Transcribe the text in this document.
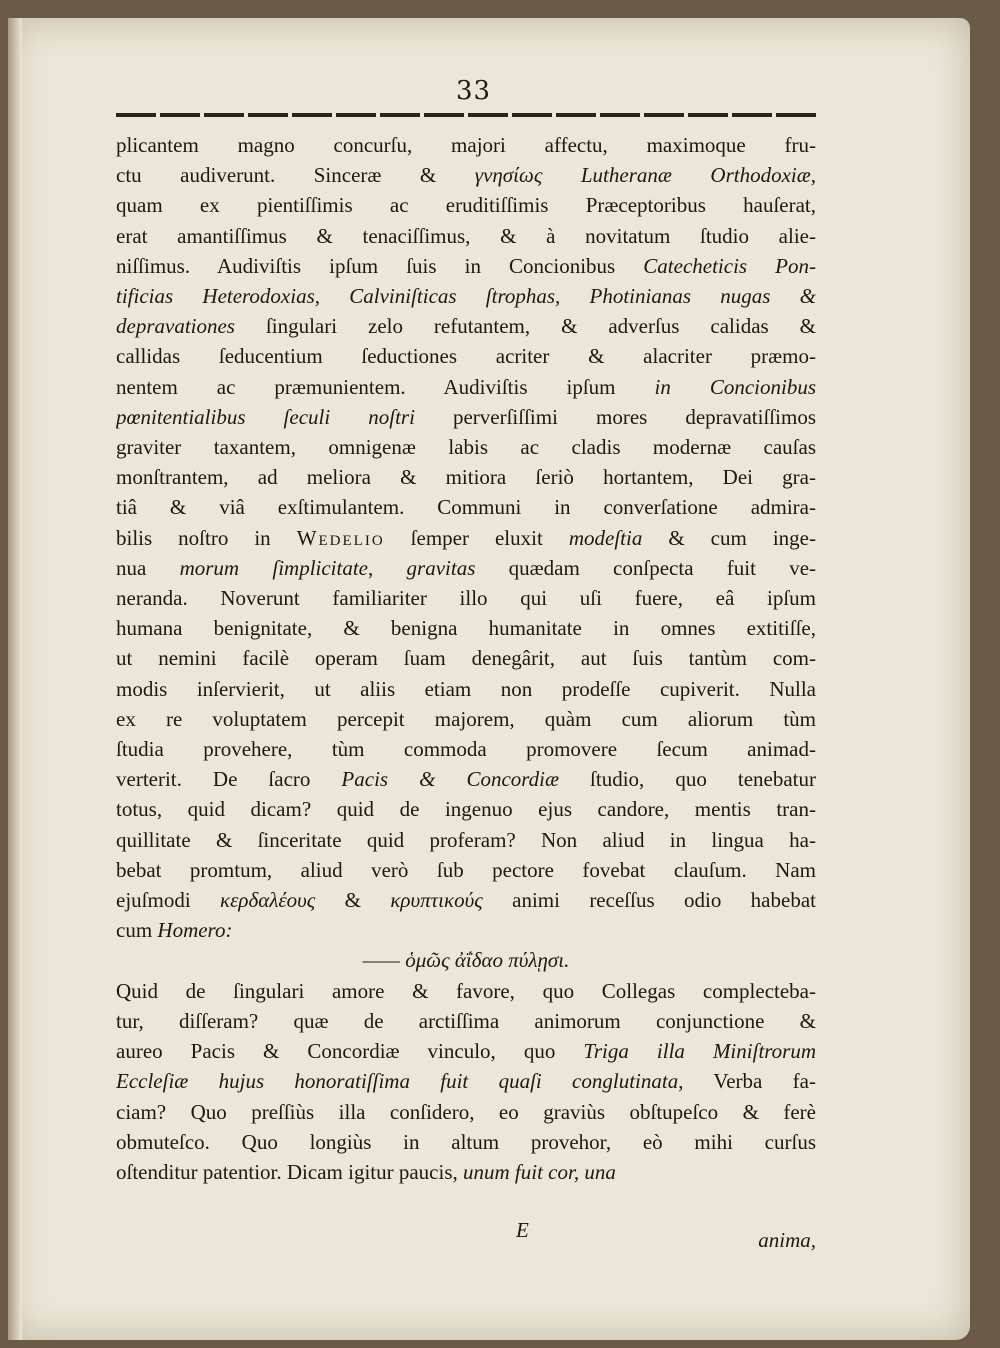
33
plicantem magno concurſu, majori affectu, maximoque fru-
ctu audiverunt. Sinceræ & γνησίως Lutheranæ Orthodoxiæ,
quam ex pientiſſimis ac eruditiſſimis Præceptoribus hauſerat,
erat amantiſſimus & tenaciſſimus, & à novitatum ſtudio alie-
niſſimus. Audiviſtis ipſum ſuis in Concionibus Catecheticis Pon-
tificias Heterodoxias, Calviniſticas ſtrophas, Photinianas nugas &
depravationes ſingulari zelo refutantem, & adverſus calidas &
callidas ſeducentium ſeductiones acriter & alacriter præmo-
nentem ac præmunientem. Audiviſtis ipſum in Concionibus
pœnitentialibus ſeculi noſtri perverſiſſimi mores depravatiſſimos
graviter taxantem, omnigenæ labis ac cladis modernæ cauſas
monſtrantem, ad meliora & mitiora ſeriò hortantem, Dei gra-
tiâ & viâ exſtimulantem. Communi in converſatione admira-
bilis noſtro in Wedelio ſemper eluxit modeſtia & cum inge-
nua morum ſimplicitate, gravitas quædam conſpecta fuit ve-
neranda. Noverunt familiariter illo qui uſi fuere, eâ ipſum
humana benignitate, & benigna humanitate in omnes extitiſſe,
ut nemini facilè operam ſuam denegârit, aut ſuis tantùm com-
modis inſervierit, ut aliis etiam non prodeſſe cupiverit. Nulla
ex re voluptatem percepit majorem, quàm cum aliorum tùm
ſtudia provehere, tùm commoda promovere ſecum animad-
verterit. De ſacro Pacis & Concordiæ ſtudio, quo tenebatur
totus, quid dicam? quid de ingenuo ejus candore, mentis tran-
quillitate & ſinceritate quid proferam? Non aliud in lingua ha-
bebat promtum, aliud verò ſub pectore fovebat clauſum. Nam
ejuſmodi κερδαλέους & κρυπτικούς animi receſſus odio habebat
cum Homero:
—— ὁμῶς ἀΐδαο πύλῃσι.
Quid de ſingulari amore & favore, quo Collegas complecteba-
tur, diſſeram? quæ de arctiſſima animorum conjunctione &
aureo Pacis & Concordiæ vinculo, quo Triga illa Miniſtrorum
Eccleſiæ hujus honoratiſſima fuit quaſi conglutinata, Verba fa-
ciam? Quo preſſiùs illa conſidero, eo graviùs obſtupeſco & ferè
obmuteſco. Quo longiùs in altum provehor, eò mihi curſus
oſtenditur patentior. Dicam igitur paucis, unum fuit cor, una
E	anima,
